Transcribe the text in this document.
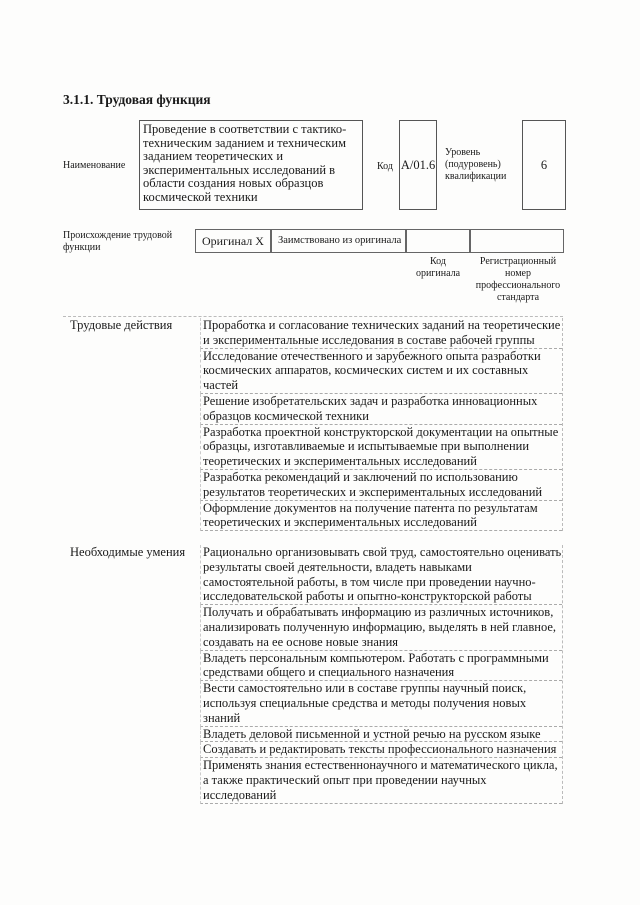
3.1.1. Трудовая функция
Наименование
Проведение в соответствии с тактико-техническим заданием и техническим заданием теоретических и экспериментальных исследований в области создания новых образцов космической техники
Код A/01.6
Уровень (подуровень) квалификации
6
Происхождение трудовой функции	Оригинал Х	Заимствовано из оригинала
Код оригинала
Регистрационный номер профессионального стандарта
Трудовые действия Проработка и согласование технических заданий на теоретические и экспериментальные исследования в составе рабочей группы
Исследование отечественного и зарубежного опыта разработки космических аппаратов, космических систем и их составных частей
Решение изобретательских задач и разработка инновационных образцов космической техники
Разработка проектной конструкторской документации на опытные образцы, изготавливаемые и испытываемые при выполнении теоретических и экспериментальных исследований
Разработка рекомендаций и заключений по использованию результатов теоретических и экспериментальных исследований
Оформление документов на получение патента по результатам теоретических и экспериментальных исследований
Необходимые умения Рационально организовывать свой труд, самостоятельно оценивать результаты своей деятельности, владеть навыками самостоятельной работы, в том числе при проведении научно-исследовательской работы и опытно-конструкторской работы
Получать и обрабатывать информацию из различных источников, анализировать полученную информацию, выделять в ней главное, создавать на ее основе новые знания
Владеть персональным компьютером. Работать с программными средствами общего и специального назначения
Вести самостоятельно или в составе группы научный поиск, используя специальные средства и методы получения новых знаний
Владеть деловой письменной и устной речью на русском языке
Создавать и редактировать тексты профессионального назначения
Применять знания естественнонаучного и математического цикла, а также практический опыт при проведении научных исследований
